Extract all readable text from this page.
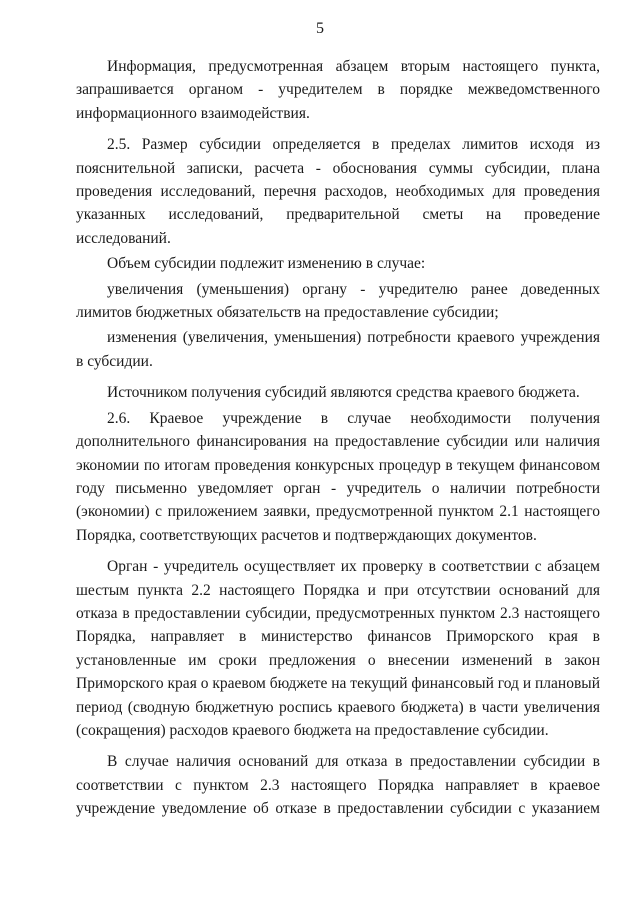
5

Информация, предусмотренная абзацем вторым настоящего пункта, запрашивается органом - учредителем в порядке межведомственного информационного взаимодействия.

2.5. Размер субсидии определяется в пределах лимитов исходя из пояснительной записки, расчета - обоснования суммы субсидии, плана проведения исследований, перечня расходов, необходимых для проведения указанных исследований, предварительной сметы на проведение исследований.

Объем субсидии подлежит изменению в случае:

увеличения (уменьшения) органу - учредителю ранее доведенных лимитов бюджетных обязательств на предоставление субсидии;

изменения (увеличения, уменьшения) потребности краевого учреждения в субсидии.

Источником получения субсидий являются средства краевого бюджета.

2.6. Краевое учреждение в случае необходимости получения дополнительного финансирования на предоставление субсидии или наличия экономии по итогам проведения конкурсных процедур в текущем финансовом году письменно уведомляет орган - учредитель о наличии потребности (экономии) с приложением заявки, предусмотренной пунктом 2.1 настоящего Порядка, соответствующих расчетов и подтверждающих документов.

Орган - учредитель осуществляет их проверку в соответствии с абзацем шестым пункта 2.2 настоящего Порядка и при отсутствии оснований для отказа в предоставлении субсидии, предусмотренных пунктом 2.3 настоящего Порядка, направляет в министерство финансов Приморского края в установленные им сроки предложения о внесении изменений в закон Приморского края о краевом бюджете на текущий финансовый год и плановый период (сводную бюджетную роспись краевого бюджета) в части увеличения (сокращения) расходов краевого бюджета на предоставление субсидии.

В случае наличия оснований для отказа в предоставлении субсидии в соответствии с пунктом 2.3 настоящего Порядка направляет в краевое учреждение уведомление об отказе в предоставлении субсидии с указанием
